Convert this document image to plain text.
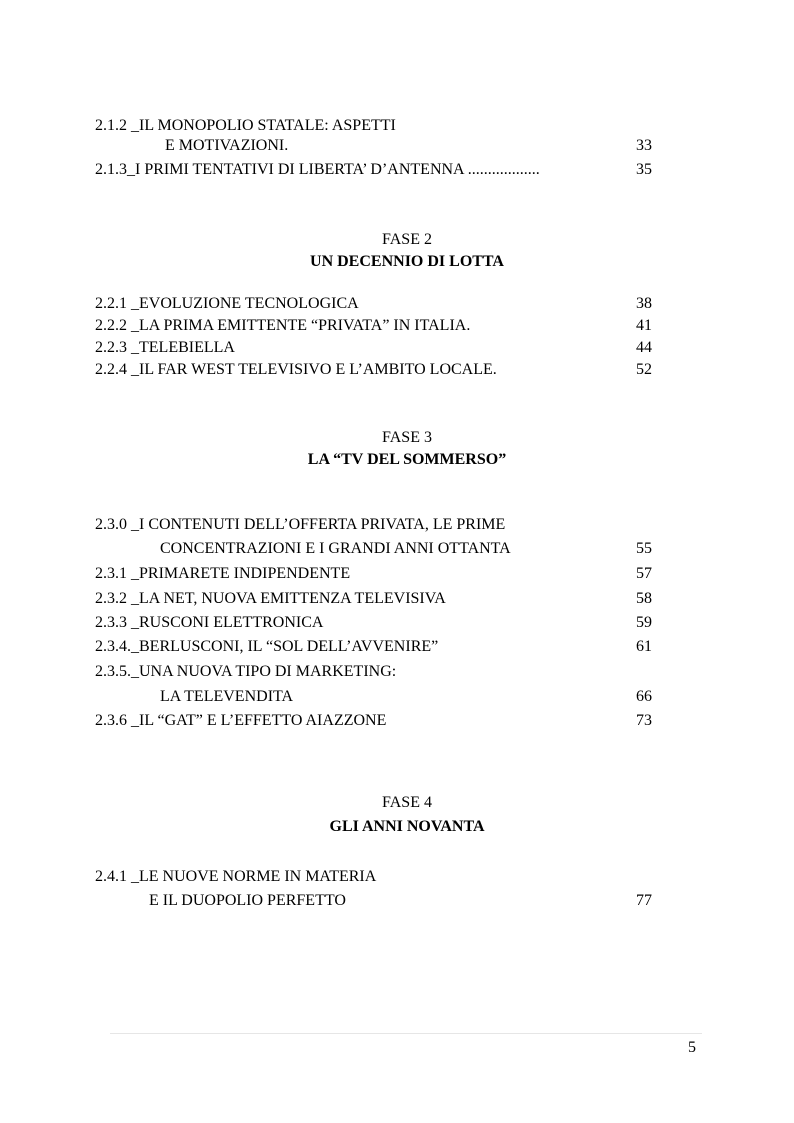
2.1.2 _IL MONOPOLIO STATALE: ASPETTI
E MOTIVAZIONI.	33
2.1.3_I PRIMI TENTATIVI DI LIBERTA’ D’ANTENNA ..................	35
FASE 2
UN DECENNIO DI LOTTA
2.2.1 _EVOLUZIONE TECNOLOGICA	38
2.2.2 _LA PRIMA EMITTENTE “PRIVATA” IN ITALIA.	41
2.2.3 _TELEBIELLA	44
2.2.4 _IL FAR WEST TELEVISIVO E L’AMBITO LOCALE.	52
FASE 3
LA “TV DEL SOMMERSO”
2.3.0 _I CONTENUTI DELL’OFFERTA PRIVATA, LE PRIME
CONCENTRAZIONI E I GRANDI ANNI OTTANTA	55
2.3.1 _PRIMARETE INDIPENDENTE	57
2.3.2 _LA NET, NUOVA EMITTENZA TELEVISIVA	58
2.3.3 _RUSCONI ELETTRONICA	59
2.3.4._BERLUSCONI, IL “SOL DELL’AVVENIRE”	61
2.3.5._UNA NUOVA TIPO DI MARKETING:
LA TELEVENDITA	66
2.3.6 _IL “GAT” E L’EFFETTO AIAZZONE	73
FASE 4
GLI ANNI NOVANTA
2.4.1 _LE NUOVE NORME IN MATERIA
E IL DUOPOLIO PERFETTO	77
5
